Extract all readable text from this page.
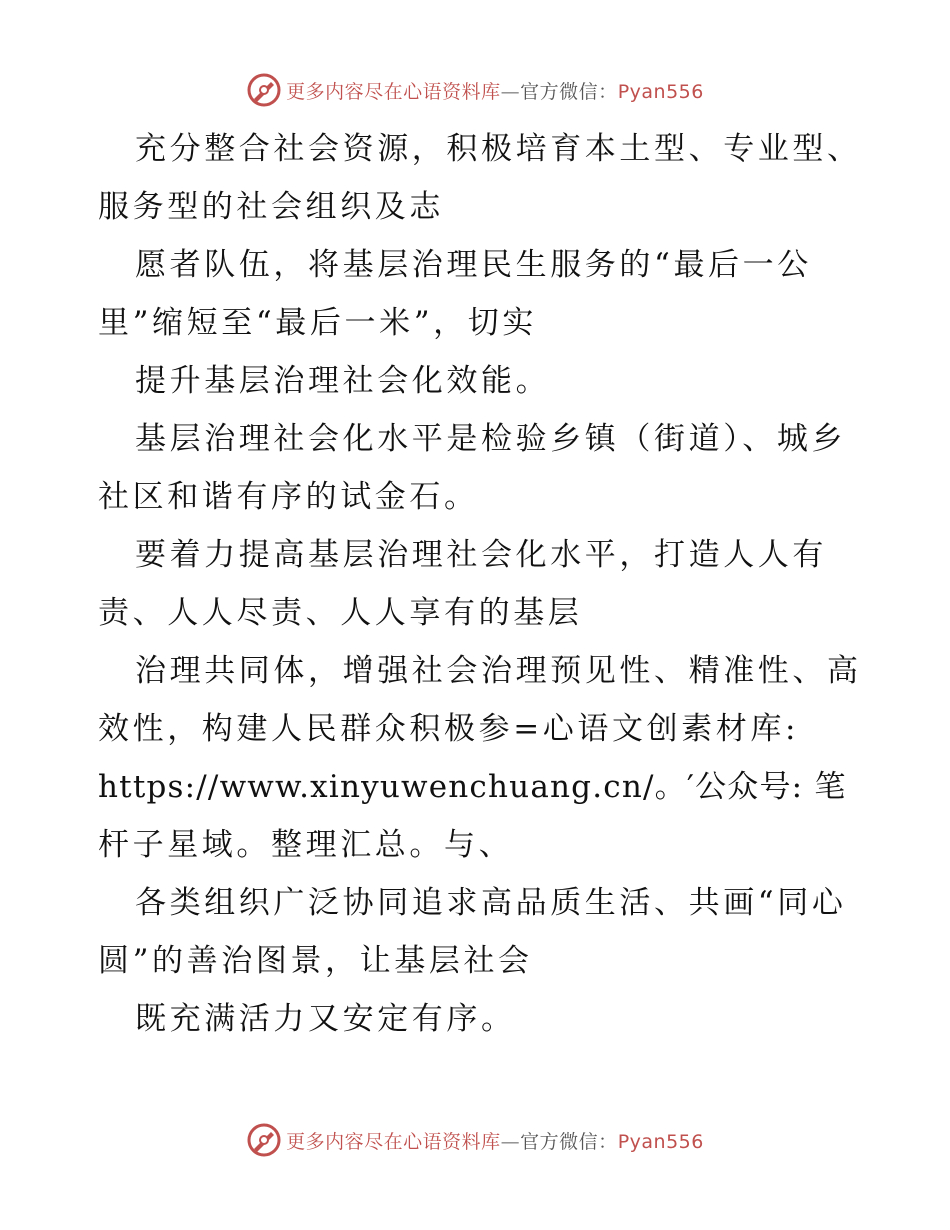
更多内容尽在心语资料库—官方微信：Pyan556
充分整合社会资源，积极培育本土型、专业型、
服务型的社会组织及志
愿者队伍，将基层治理民生服务的“最后一公
里”缩短至“最后一米”，切实
提升基层治理社会化效能。
基层治理社会化水平是检验乡镇（街道）、城乡
社区和谐有序的试金石。
要着力提高基层治理社会化水平，打造人人有
责、人人尽责、人人享有的基层
治理共同体，增强社会治理预见性、精准性、高
效性，构建人民群众积极参=心语文创素材库:
https://www.xinyuwenchuang.cn/。′公众号: 笔
杆子星域。整理汇总。与、
各类组织广泛协同追求高品质生活、共画“同心
圆”的善治图景，让基层社会
既充满活力又安定有序。
更多内容尽在心语资料库—官方微信：Pyan556
